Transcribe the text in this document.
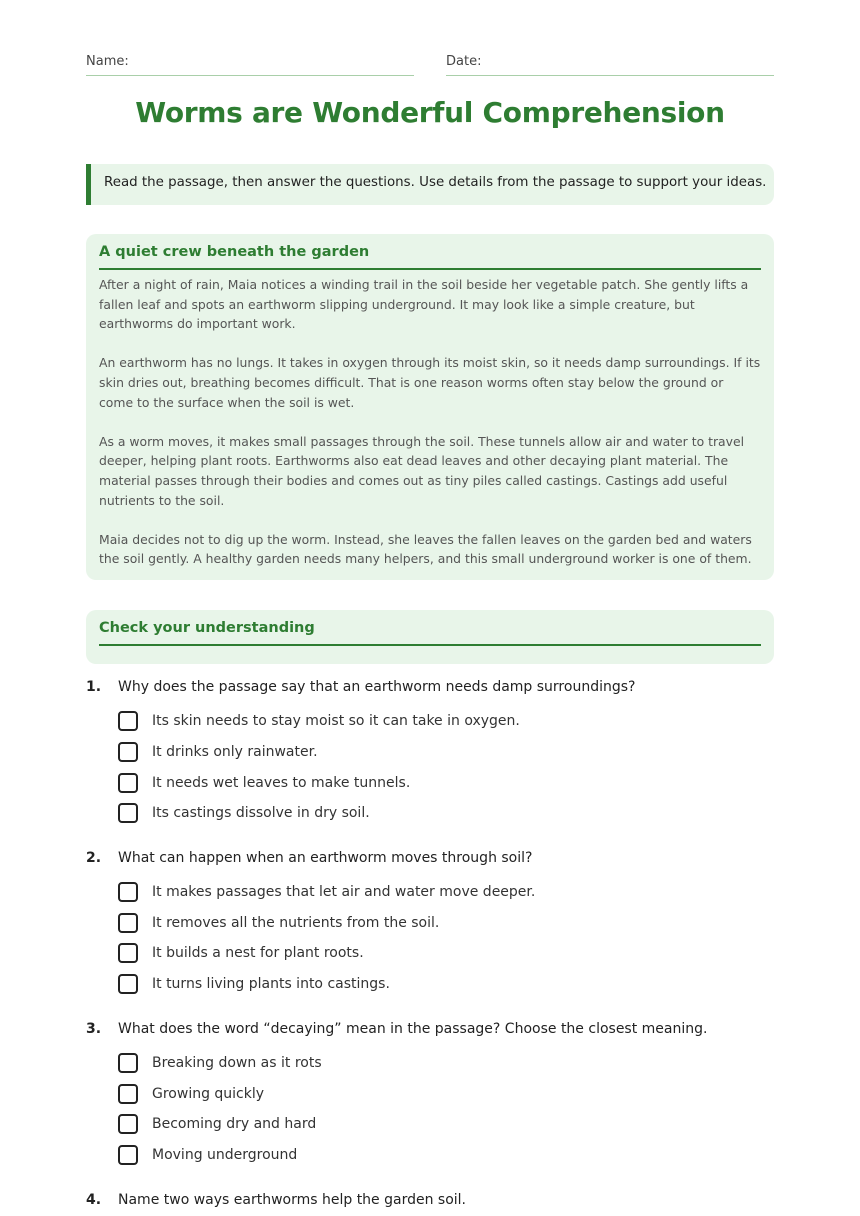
Name:	Date:
Worms are Wonderful Comprehension
Read the passage, then answer the questions. Use details from the passage to support your ideas.
A quiet crew beneath the garden

After a night of rain, Maia notices a winding trail in the soil beside her vegetable patch. She gently lifts a fallen leaf and spots an earthworm slipping underground. It may look like a simple creature, but earthworms do important work.

An earthworm has no lungs. It takes in oxygen through its moist skin, so it needs damp surroundings. If its skin dries out, breathing becomes difficult. That is one reason worms often stay below the ground or come to the surface when the soil is wet.

As a worm moves, it makes small passages through the soil. These tunnels allow air and water to travel deeper, helping plant roots. Earthworms also eat dead leaves and other decaying plant material. The material passes through their bodies and comes out as tiny piles called castings. Castings add useful nutrients to the soil.

Maia decides not to dig up the worm. Instead, she leaves the fallen leaves on the garden bed and waters the soil gently. A healthy garden needs many helpers, and this small underground worker is one of them.

Check your understanding
1. Why does the passage say that an earthworm needs damp surroundings?
Its skin needs to stay moist so it can take in oxygen.
It drinks only rainwater.
It needs wet leaves to make tunnels.
Its castings dissolve in dry soil.
2. What can happen when an earthworm moves through soil?
It makes passages that let air and water move deeper.
It removes all the nutrients from the soil.
It builds a nest for plant roots.
It turns living plants into castings.
3. What does the word “decaying” mean in the passage? Choose the closest meaning.
Breaking down as it rots
Growing quickly
Becoming dry and hard
Moving underground
4. Name two ways earthworms help the garden soil.
